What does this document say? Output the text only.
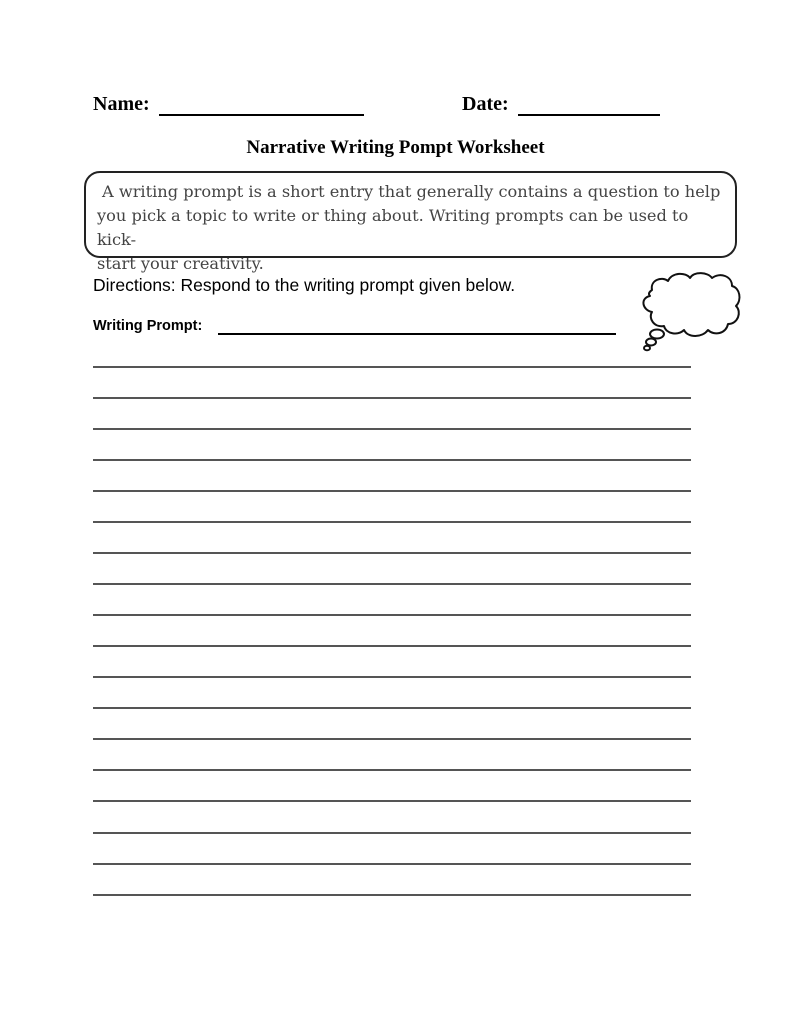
Name:	Date:
Narrative Writing Pompt Worksheet
A writing prompt is a short entry that generally contains a question to help
you pick a topic to write or thing about. Writing prompts can be used to kick-
start your creativity.
Directions: Respond to the writing prompt given below.
Writing Prompt:
